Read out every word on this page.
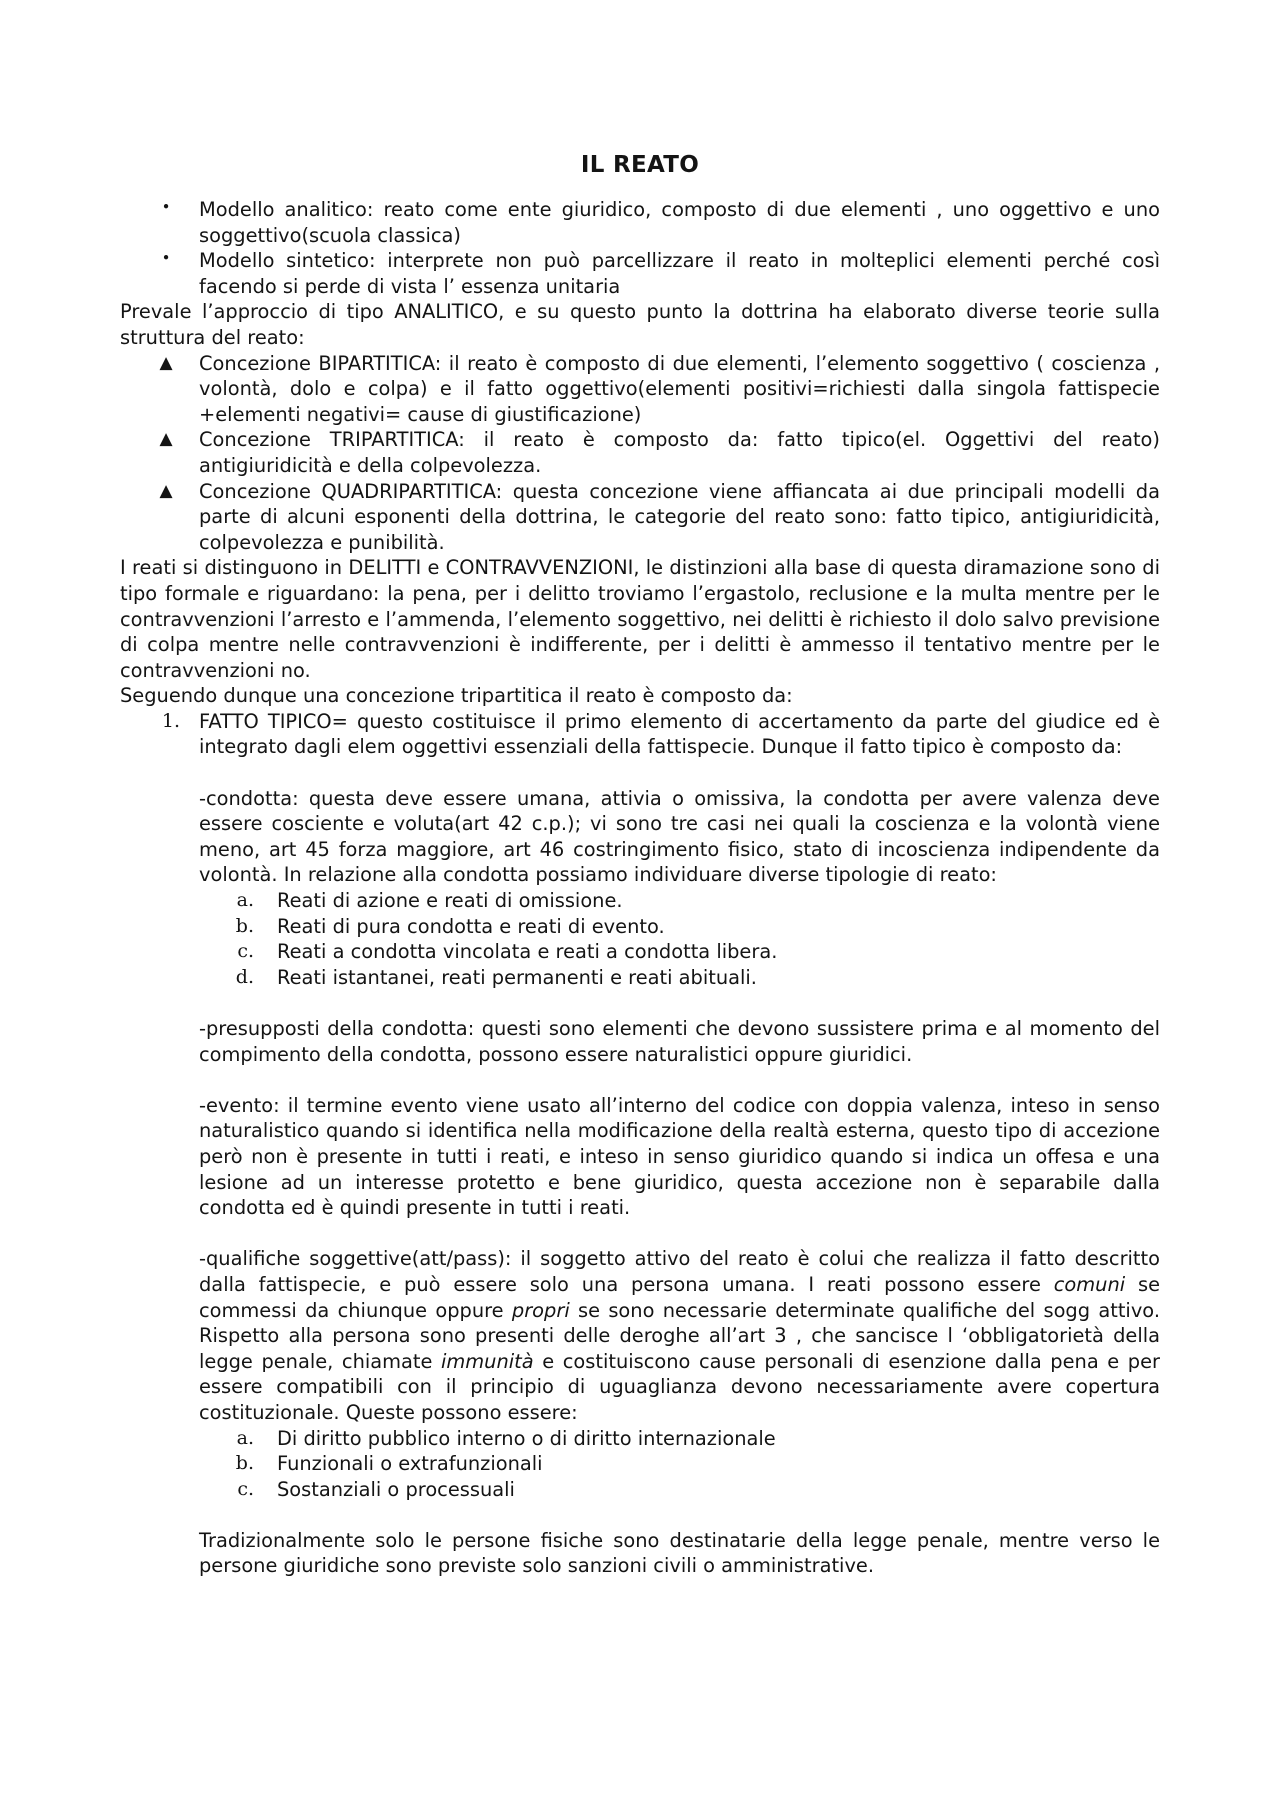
IL REATO
•	Modello analitico: reato come ente giuridico, composto di due elementi , uno oggettivo e uno soggettivo(scuola classica)
•	Modello sintetico: interprete non può parcellizzare il reato in molteplici elementi perché così facendo si perde di vista l’ essenza unitaria

Prevale l’approccio di tipo ANALITICO, e su questo punto la dottrina ha elaborato diverse teorie sulla struttura del reato:

▲	Concezione BIPARTITICA: il reato è composto di due elementi, l’elemento soggettivo ( coscienza , volontà, dolo e colpa) e il fatto oggettivo(elementi positivi=richiesti dalla singola fattispecie +elementi negativi= cause di giustificazione)
▲	Concezione TRIPARTITICA: il reato è composto da: fatto tipico(el. Oggettivi del reato) antigiuridicità e della colpevolezza.
▲	Concezione QUADRIPARTITICA: questa concezione viene affiancata ai due principali modelli da parte di alcuni esponenti della dottrina, le categorie del reato sono: fatto tipico, antigiuridicità, colpevolezza e punibilità.

I reati si distinguono in DELITTI e CONTRAVVENZIONI, le distinzioni alla base di questa diramazione sono di tipo formale e riguardano: la pena, per i delitto troviamo l’ergastolo, reclusione e la multa mentre per le contravvenzioni l’arresto e l’ammenda, l’elemento soggettivo, nei delitti è richiesto il dolo salvo previsione di colpa mentre nelle contravvenzioni è indifferente, per i delitti è ammesso il tentativo mentre per le contravvenzioni no.

Seguendo dunque una concezione tripartitica il reato è composto da:

1. FATTO TIPICO= questo costituisce il primo elemento di accertamento da parte del giudice ed è integrato dagli elem oggettivi essenziali della fattispecie. Dunque il fatto tipico è composto da:

-condotta: questa deve essere umana, attivia o omissiva, la condotta per avere valenza deve essere cosciente e voluta(art 42 c.p.); vi sono tre casi nei quali la coscienza e la volontà viene meno, art 45 forza maggiore, art 46 costringimento fisico, stato di incoscienza indipendente da volontà. In relazione alla condotta possiamo individuare diverse tipologie di reato:

a. Reati di azione e reati di omissione.
b. Reati di pura condotta e reati di evento.
c. Reati a condotta vincolata e reati a condotta libera.
d. Reati istantanei, reati permanenti e reati abituali.

-presupposti della condotta: questi sono elementi che devono sussistere prima e al momento del compimento della condotta, possono essere naturalistici oppure giuridici.

-evento: il termine evento viene usato all’interno del codice con doppia valenza, inteso in senso naturalistico quando si identifica nella modificazione della realtà esterna, questo tipo di accezione però non è presente in tutti i reati, e inteso in senso giuridico quando si indica un offesa e una lesione ad un interesse protetto e bene giuridico, questa accezione non è separabile dalla condotta ed è quindi presente in tutti i reati.

-qualifiche soggettive(att/pass): il soggetto attivo del reato è colui che realizza il fatto descritto dalla fattispecie, e può essere solo una persona umana. I reati possono essere comuni se commessi da chiunque oppure propri se sono necessarie determinate qualifiche del sogg attivo. Rispetto alla persona sono presenti delle deroghe all’art 3 , che sancisce l ‘obbligatorietà della legge penale, chiamate immunità e costituiscono cause personali di esenzione dalla pena e per essere compatibili con il principio di uguaglianza devono necessariamente avere copertura costituzionale. Queste possono essere:

a. Di diritto pubblico interno o di diritto internazionale
b. Funzionali o extrafunzionali
c. Sostanziali o processuali

Tradizionalmente solo le persone fisiche sono destinatarie della legge penale, mentre verso le persone giuridiche sono previste solo sanzioni civili o amministrative.
